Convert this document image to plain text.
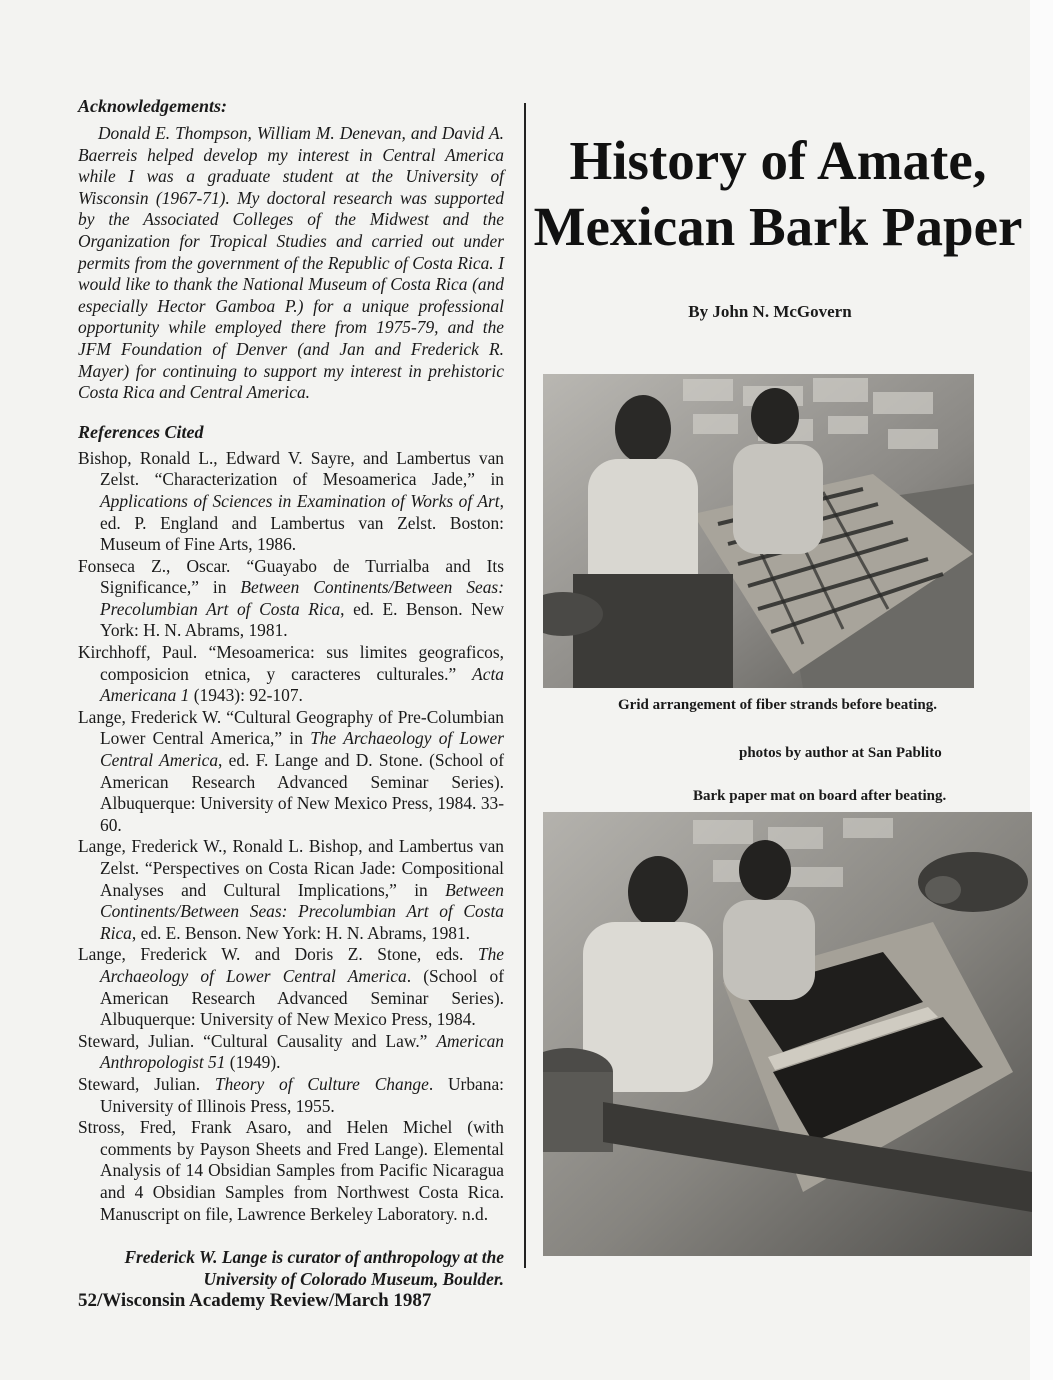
Acknowledgements:

Donald E. Thompson, William M. Denevan, and David A. Baerreis helped develop my interest in Central America while I was a graduate student at the University of Wisconsin (1967-71). My doctoral research was supported by the Associated Colleges of the Midwest and the Organization for Tropical Studies and carried out under permits from the government of the Republic of Costa Rica. I would like to thank the National Museum of Costa Rica (and especially Hector Gamboa P.) for a unique professional opportunity while employed there from 1975-79, and the JFM Foundation of Denver (and Jan and Frederick R. Mayer) for continuing to support my interest in prehistoric Costa Rica and Central America.

References Cited
Bishop, Ronald L., Edward V. Sayre, and Lambertus van Zelst. “Characterization of Mesoamerica Jade,” in Applications of Sciences in Examination of Works of Art, ed. P. England and Lambertus van Zelst. Boston: Museum of Fine Arts, 1986.
Fonseca Z., Oscar. “Guayabo de Turrialba and Its Significance,” in Between Continents/Between Seas: Precolumbian Art of Costa Rica, ed. E. Benson. New York: H. N. Abrams, 1981.
Kirchhoff, Paul. “Mesoamerica: sus limites geograficos, composicion etnica, y caracteres culturales.” Acta Americana 1 (1943): 92-107.
Lange, Frederick W. “Cultural Geography of Pre-Columbian Lower Central America,” in The Archaeology of Lower Central America, ed. F. Lange and D. Stone. (School of American Research Advanced Seminar Series). Albuquerque: University of New Mexico Press, 1984. 33-60.
Lange, Frederick W., Ronald L. Bishop, and Lambertus van Zelst. “Perspectives on Costa Rican Jade: Compositional Analyses and Cultural Implications,” in Between Continents/Between Seas: Precolumbian Art of Costa Rica, ed. E. Benson. New York: H. N. Abrams, 1981.
Lange, Frederick W. and Doris Z. Stone, eds. The Archaeology of Lower Central America. (School of American Research Advanced Seminar Series). Albuquerque: University of New Mexico Press, 1984.
Steward, Julian. “Cultural Causality and Law.” American Anthropologist 51 (1949).
Steward, Julian. Theory of Culture Change. Urbana: University of Illinois Press, 1955.
Stross, Fred, Frank Asaro, and Helen Michel (with comments by Payson Sheets and Fred Lange). Elemental Analysis of 14 Obsidian Samples from Pacific Nicaragua and 4 Obsidian Samples from Northwest Costa Rica. Manuscript on file, Lawrence Berkeley Laboratory. n.d.

Frederick W. Lange is curator of anthropology at the University of Colorado Museum, Boulder.

52/Wisconsin Academy Review/March 1987
History of Amate,
Mexican Bark Paper
By John N. McGovern
Grid arrangement of fiber strands before beating.
photos by author at San Pablito
Bark paper mat on board after beating.
